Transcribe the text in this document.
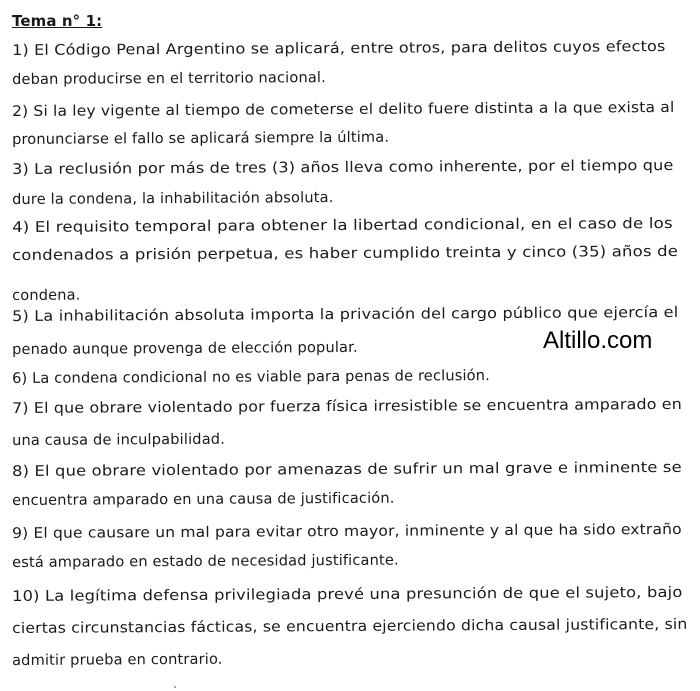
Tema n° 1:
1) El Código Penal Argentino se aplicará, entre otros, para delitos cuyos efectos
deban producirse en el territorio nacional.
2) Si la ley vigente al tiempo de cometerse el delito fuere distinta a la que exista al
pronunciarse el fallo se aplicará siempre la última.
3) La reclusión por más de tres (3) años lleva como inherente, por el tiempo que
dure la condena, la inhabilitación absoluta.
4) El requisito temporal para obtener la libertad condicional, en el caso de los
condenados a prisión perpetua, es haber cumplido treinta y cinco (35) años de
condena.
5) La inhabilitación absoluta importa la privación del cargo público que ejercía el
penado aunque provenga de elección popular.
6) La condena condicional no es viable para penas de reclusión.
7) El que obrare violentado por fuerza física irresistible se encuentra amparado en
una causa de inculpabilidad.
8) El que obrare violentado por amenazas de sufrir un mal grave e inminente se
encuentra amparado en una causa de justificación.
9) El que causare un mal para evitar otro mayor, inminente y al que ha sido extraño
está amparado en estado de necesidad justificante.
10) La legítima defensa privilegiada prevé una presunción de que el sujeto, bajo
ciertas circunstancias fácticas, se encuentra ejerciendo dicha causal justificante, sin
admitir prueba en contrario.
Altillo.com
